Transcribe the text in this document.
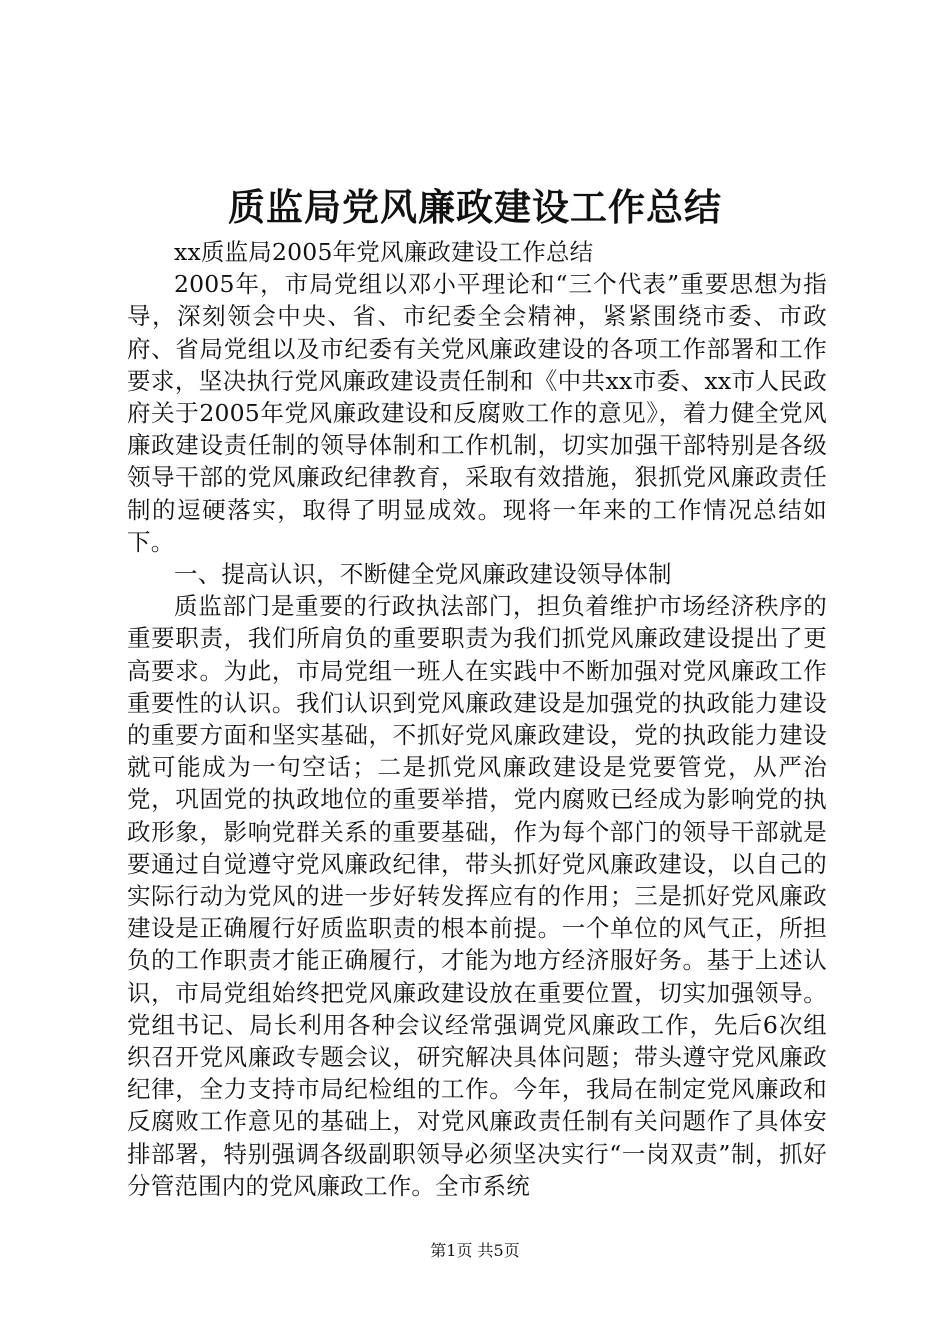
质监局党风廉政建设工作总结

xx质监局2005年党风廉政建设工作总结

2005年，市局党组以邓小平理论和“三个代表”重要思想为指导，深刻领会中央、省、市纪委全会精神，紧紧围绕市委、市政府、省局党组以及市纪委有关党风廉政建设的各项工作部署和工作要求，坚决执行党风廉政建设责任制和《中共xx市委、xx市人民政府关于2005年党风廉政建设和反腐败工作的意见》，着力健全党风廉政建设责任制的领导体制和工作机制，切实加强干部特别是各级领导干部的党风廉政纪律教育，采取有效措施，狠抓党风廉政责任制的逗硬落实，取得了明显成效。现将一年来的工作情况总结如下。

一、提高认识，不断健全党风廉政建设领导体制

质监部门是重要的行政执法部门，担负着维护市场经济秩序的重要职责，我们所肩负的重要职责为我们抓党风廉政建设提出了更高要求。为此，市局党组一班人在实践中不断加强对党风廉政工作重要性的认识。我们认识到党风廉政建设是加强党的执政能力建设的重要方面和坚实基础，不抓好党风廉政建设，党的执政能力建设就可能成为一句空话；二是抓党风廉政建设是党要管党，从严治党，巩固党的执政地位的重要举措，党内腐败已经成为影响党的执政形象，影响党群关系的重要基础，作为每个部门的领导干部就是要通过自觉遵守党风廉政纪律，带头抓好党风廉政建设，以自己的实际行动为党风的进一步好转发挥应有的作用；三是抓好党风廉政建设是正确履行好质监职责的根本前提。一个单位的风气正，所担负的工作职责才能正确履行，才能为地方经济服好务。基于上述认识，市局党组始终把党风廉政建设放在重要位置，切实加强领导。党组书记、局长利用各种会议经常强调党风廉政工作，先后6次组织召开党风廉政专题会议，研究解决具体问题；带头遵守党风廉政纪律，全力支持市局纪检组的工作。今年，我局在制定党风廉政和反腐败工作意见的基础上，对党风廉政责任制有关问题作了具体安排部署，特别强调各级副职领导必须坚决实行“一岗双责”制，抓好分管范围内的党风廉政工作。全市系统

第1页 共5页
